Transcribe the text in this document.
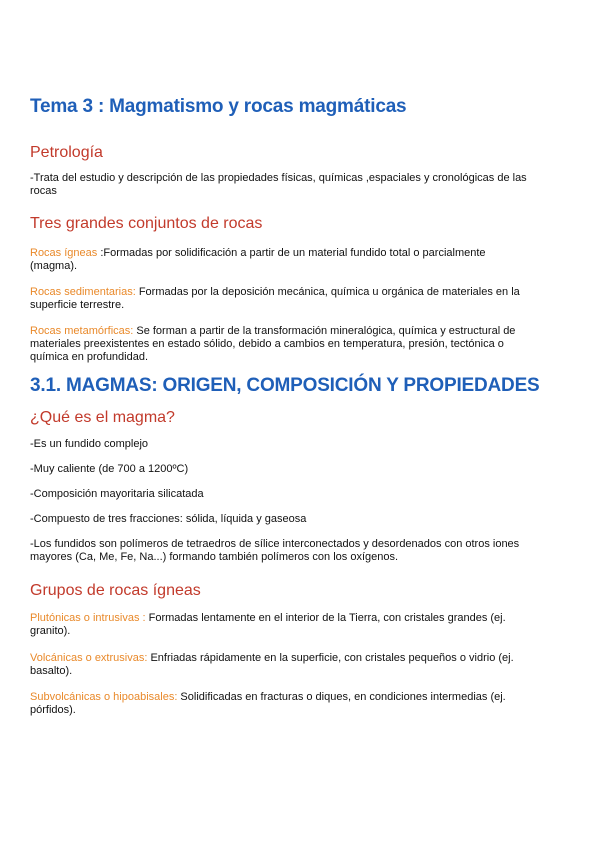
Tema 3 : Magmatismo y rocas magmáticas
Petrología
-Trata del estudio y descripción de las propiedades físicas, químicas ,espaciales y cronológicas de las rocas
Tres grandes conjuntos de rocas
Rocas ígneas :Formadas por solidificación a partir de un material fundido total o parcialmente (magma).
Rocas sedimentarias: Formadas por la deposición mecánica, química u orgánica de materiales en la superficie terrestre.
Rocas metamórficas: Se forman a partir de la transformación mineralógica, química y estructural de materiales preexistentes en estado sólido, debido a cambios en temperatura, presión, tectónica o química en profundidad.
3.1. MAGMAS: ORIGEN, COMPOSICIÓN Y PROPIEDADES
¿Qué es el magma?
-Es un fundido complejo
-Muy caliente (de 700 a 1200ºC)
-Composición mayoritaria silicatada
-Compuesto de tres fracciones: sólida, líquida y gaseosa
-Los fundidos son polímeros de tetraedros de sílice interconectados y desordenados con otros iones mayores (Ca, Me, Fe, Na...) formando también polímeros con los oxígenos.
Grupos de rocas ígneas
Plutónicas o intrusivas : Formadas lentamente en el interior de la Tierra, con cristales grandes (ej. granito).
Volcánicas o extrusivas: Enfriadas rápidamente en la superficie, con cristales pequeños o vidrio (ej. basalto).
Subvolcánicas o hipoabisales: Solidificadas en fracturas o diques, en condiciones intermedias (ej. pórfidos).
